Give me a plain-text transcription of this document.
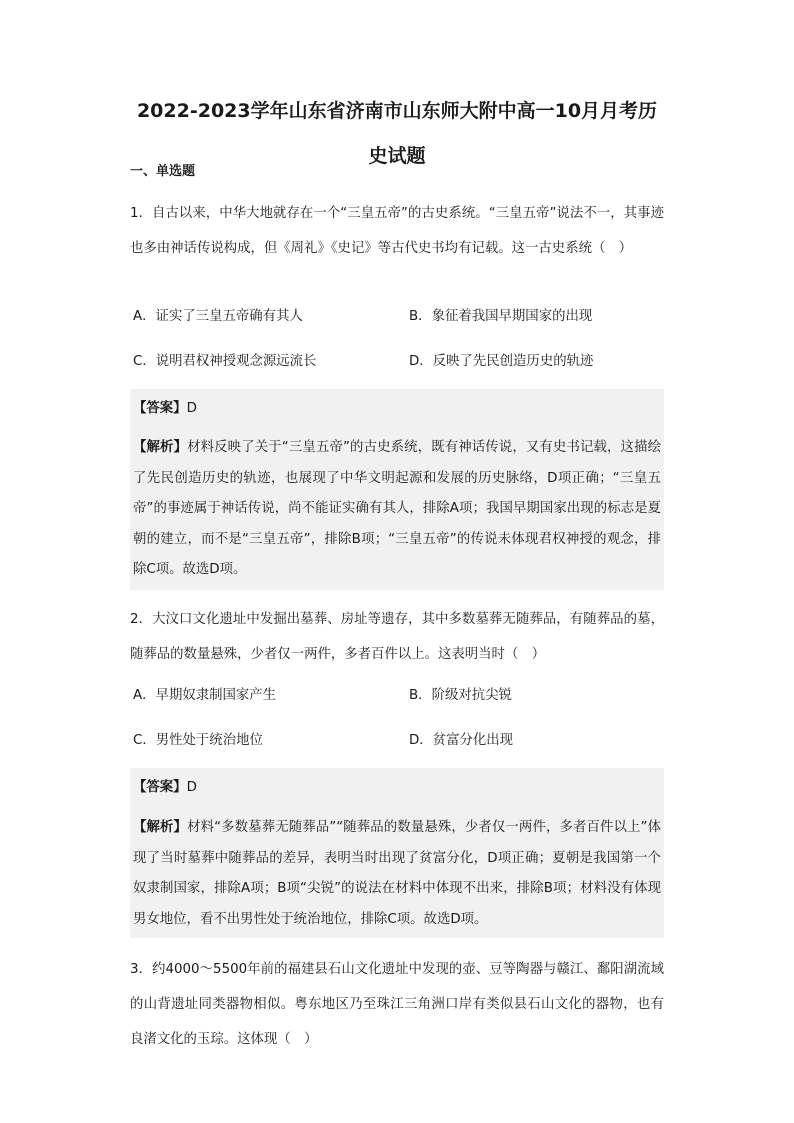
2022-2023学年山东省济南市山东师大附中高一10月月考历
史试题
一、单选题
1．自古以来，中华大地就存在一个“三皇五帝”的古史系统。“三皇五帝”说法不一，其事迹也多由神话传说构成，但《周礼》《史记》等古代史书均有记载。这一古史系统（　）
A．证实了三皇五帝确有其人	B．象征着我国早期国家的出现
C．说明君权神授观念源远流长	D．反映了先民创造历史的轨迹
【答案】D
【解析】材料反映了关于“三皇五帝”的古史系统，既有神话传说，又有史书记载，这描绘了先民创造历史的轨迹，也展现了中华文明起源和发展的历史脉络，D项正确；“三皇五帝”的事迹属于神话传说，尚不能证实确有其人，排除A项；我国早期国家出现的标志是夏朝的建立，而不是“三皇五帝”，排除B项；“三皇五帝”的传说未体现君权神授的观念，排除C项。故选D项。
2．大汶口文化遗址中发掘出墓葬、房址等遗存，其中多数墓葬无随葬品，有随葬品的墓，随葬品的数量悬殊，少者仅一两件，多者百件以上。这表明当时（　）
A．早期奴隶制国家产生	B．阶级对抗尖锐
C．男性处于统治地位	D．贫富分化出现
【答案】D
【解析】材料“多数墓葬无随葬品”“随葬品的数量悬殊，少者仅一两件，多者百件以上”体现了当时墓葬中随葬品的差异，表明当时出现了贫富分化，D项正确；夏朝是我国第一个奴隶制国家，排除A项；B项“尖锐”的说法在材料中体现不出来，排除B项；材料没有体现男女地位，看不出男性处于统治地位，排除C项。故选D项。
3．约4000～5500年前的福建县石山文化遗址中发现的壶、豆等陶器与赣江、鄱阳湖流域的山背遗址同类器物相似。粤东地区乃至珠江三角洲口岸有类似县石山文化的器物，也有良渚文化的玉琮。这体现（　）
